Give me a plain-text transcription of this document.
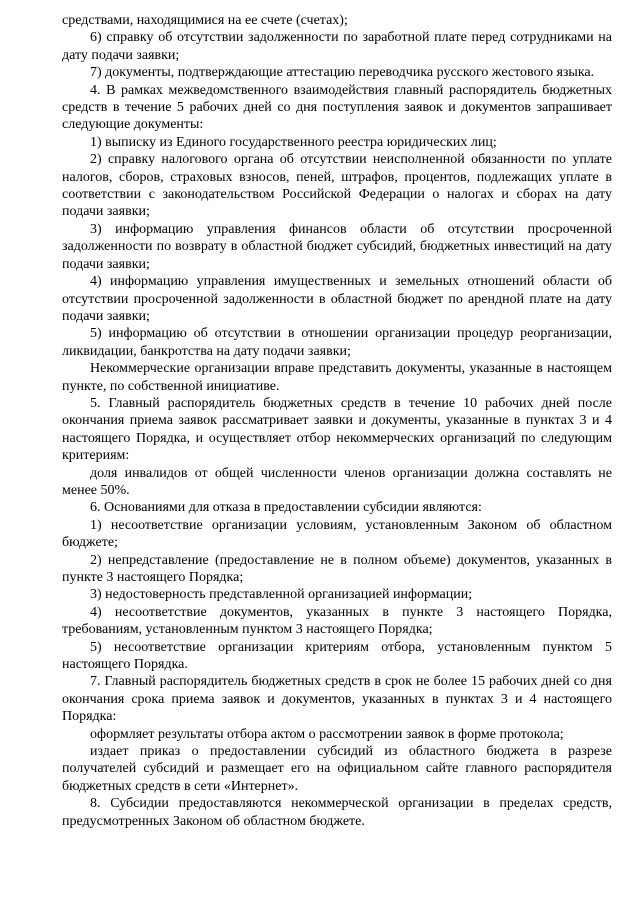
средствами, находящимися на ее счете (счетах);

6) справку об отсутствии задолженности по заработной плате перед сотрудниками на дату подачи заявки;

7) документы, подтверждающие аттестацию переводчика русского жестового языка.

4. В рамках межведомственного взаимодействия главный распорядитель бюджетных средств в течение 5 рабочих дней со дня поступления заявок и документов запрашивает следующие документы:

1) выписку из Единого государственного реестра юридических лиц;

2) справку налогового органа об отсутствии неисполненной обязанности по уплате налогов, сборов, страховых взносов, пеней, штрафов, процентов, подлежащих уплате в соответствии с законодательством Российской Федерации о налогах и сборах на дату подачи заявки;

3) информацию управления финансов области об отсутствии просроченной задолженности по возврату в областной бюджет субсидий, бюджетных инвестиций на дату подачи заявки;

4) информацию управления имущественных и земельных отношений области об отсутствии просроченной задолженности в областной бюджет по арендной плате на дату подачи заявки;

5) информацию об отсутствии в отношении организации процедур реорганизации, ликвидации, банкротства на дату подачи заявки;

Некоммерческие организации вправе представить документы, указанные в настоящем пункте, по собственной инициативе.

5. Главный распорядитель бюджетных средств в течение 10 рабочих дней после окончания приема заявок рассматривает заявки и документы, указанные в пунктах 3 и 4 настоящего Порядка, и осуществляет отбор некоммерческих организаций по следующим критериям:

доля инвалидов от общей численности членов организации должна составлять не менее 50%.

6. Основаниями для отказа в предоставлении субсидии являются:

1) несоответствие организации условиям, установленным Законом об областном бюджете;

2) непредставление (предоставление не в полном объеме) документов, указанных в пункте 3 настоящего Порядка;

3) недостоверность представленной организацией информации;

4) несоответствие документов, указанных в пункте 3 настоящего Порядка, требованиям, установленным пунктом 3 настоящего Порядка;

5) несоответствие организации критериям отбора, установленным пунктом 5 настоящего Порядка.

7. Главный распорядитель бюджетных средств в срок не более 15 рабочих дней со дня окончания срока приема заявок и документов, указанных в пунктах 3 и 4 настоящего Порядка:

оформляет результаты отбора актом о рассмотрении заявок в форме протокола;

издает приказ о предоставлении субсидий из областного бюджета в разрезе получателей субсидий и размещает его на официальном сайте главного распорядителя бюджетных средств в сети «Интернет».

8. Субсидии предоставляются некоммерческой организации в пределах средств, предусмотренных Законом об областном бюджете.
